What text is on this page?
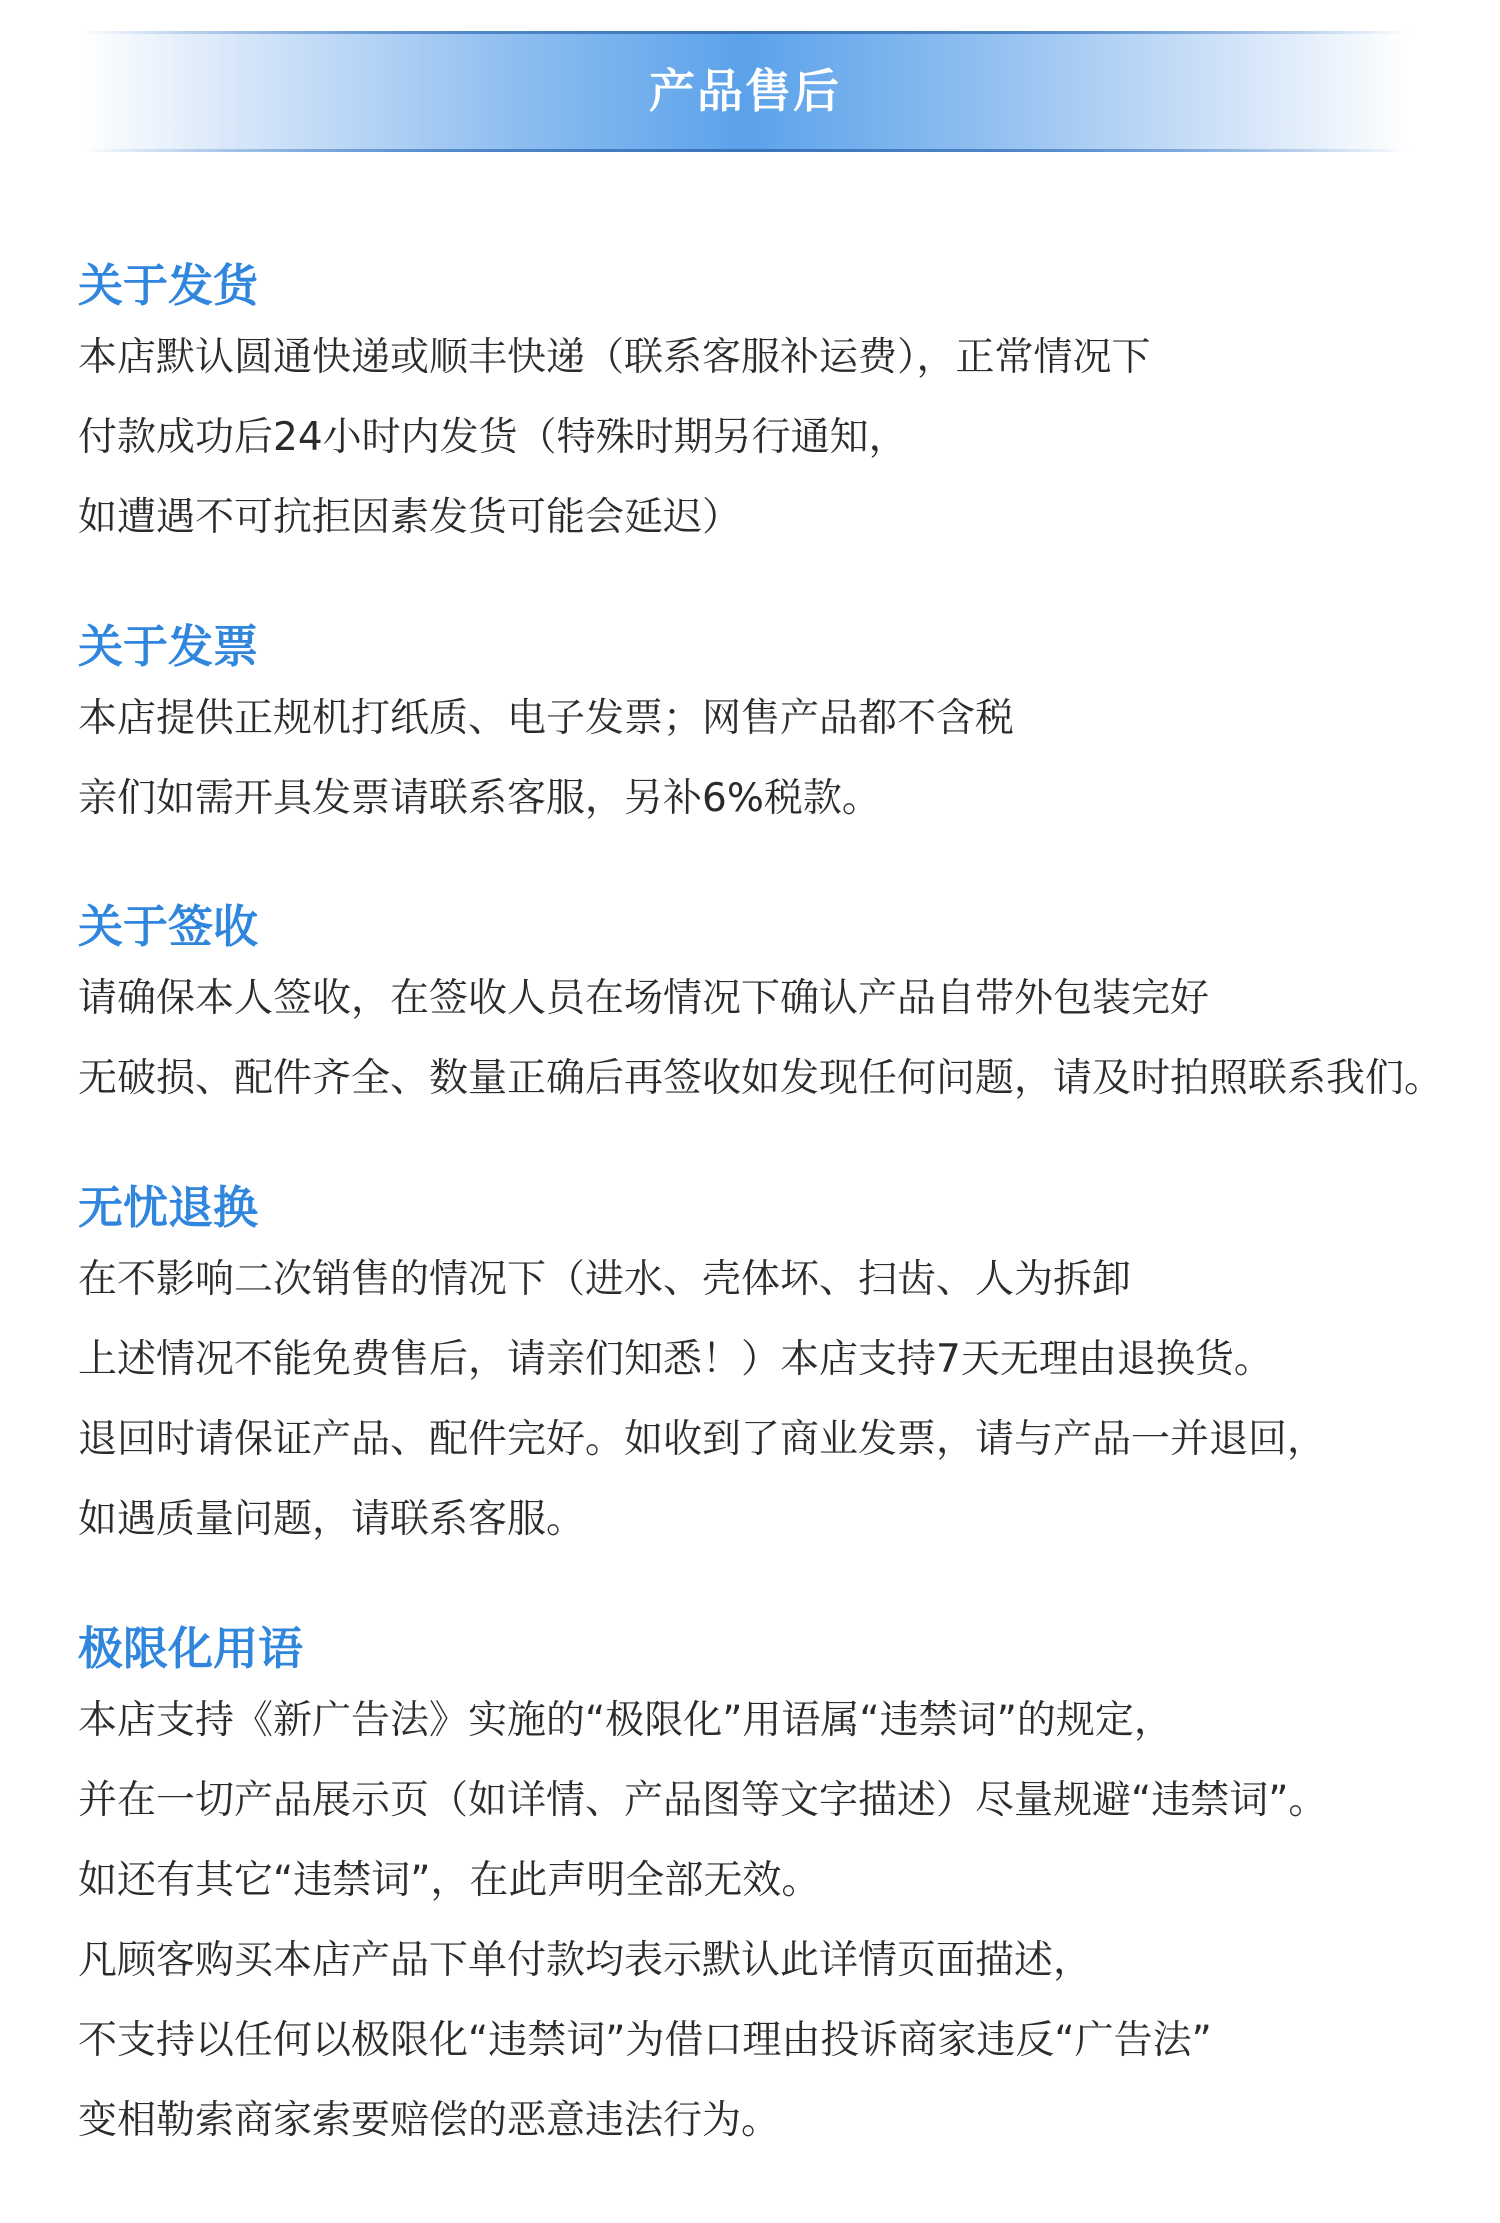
产品售后
关于发货

本店默认圆通快递或顺丰快递（联系客服补运费），正常情况下

付款成功后24小时内发货（特殊时期另行通知，

如遭遇不可抗拒因素发货可能会延迟）

关于发票

本店提供正规机打纸质、电子发票；网售产品都不含税

亲们如需开具发票请联系客服，另补6%税款。

关于签收

请确保本人签收，在签收人员在场情况下确认产品自带外包装完好

无破损、配件齐全、数量正确后再签收如发现任何问题，请及时拍照联系我们。

无忧退换

在不影响二次销售的情况下（进水、壳体坏、扫齿、人为拆卸

上述情况不能免费售后，请亲们知悉！）本店支持7天无理由退换货。

退回时请保证产品、配件完好。如收到了商业发票，请与产品一并退回，

如遇质量问题，请联系客服。

极限化用语

本店支持《新广告法》实施的“极限化”用语属“违禁词”的规定，

并在一切产品展示页（如详情、产品图等文字描述）尽量规避“违禁词”。

如还有其它“违禁词”，在此声明全部无效。

凡顾客购买本店产品下单付款均表示默认此详情页面描述，

不支持以任何以极限化“违禁词”为借口理由投诉商家违反“广告法”

变相勒索商家索要赔偿的恶意违法行为。
